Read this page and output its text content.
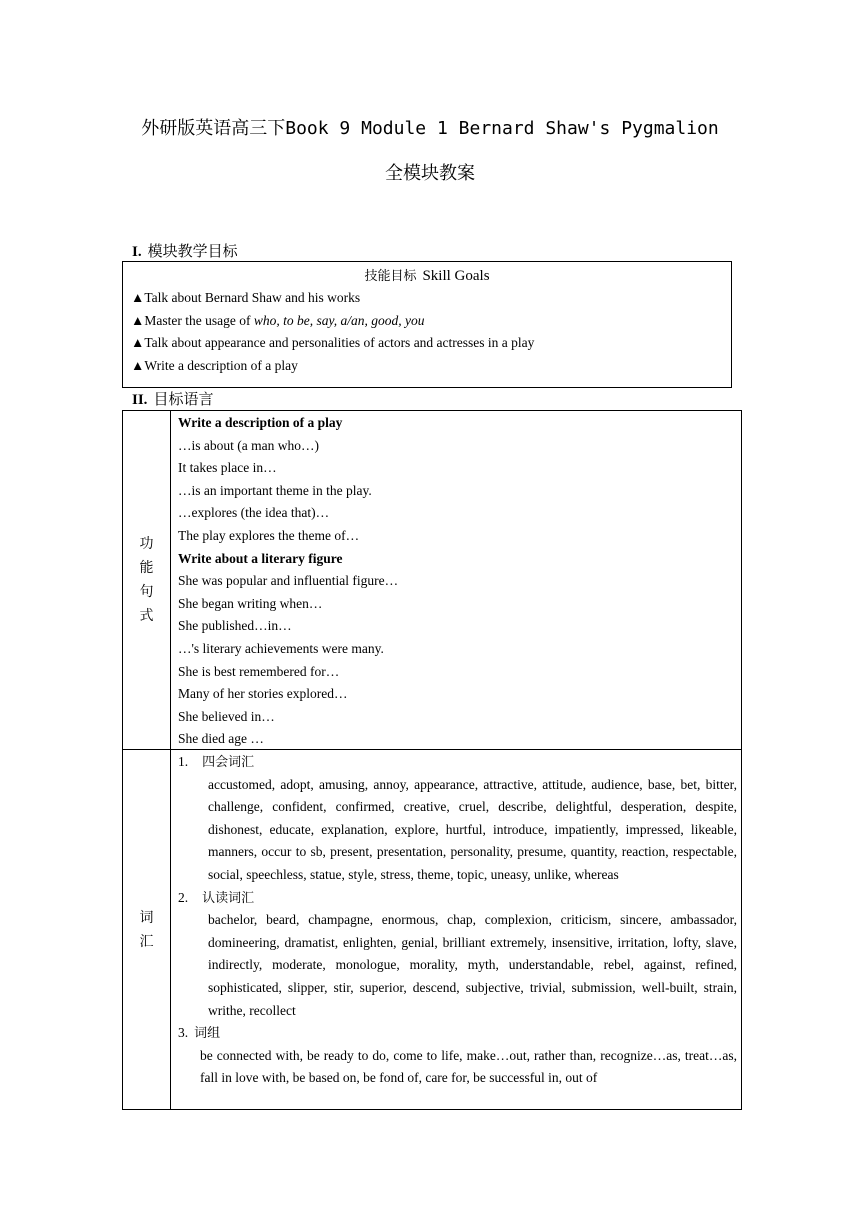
外研版英语高三下Book 9 Module 1 Bernard Shaw's Pygmalion
全模块教案
I. 模块教学目标
技能目标 Skill Goals
▲Talk about Bernard Shaw and his works
▲Master the usage of who, to be, say, a/an, good, you
▲Talk about appearance and personalities of actors and actresses in a play
▲Write a description of a play
II. 目标语言
功能句式
Write a description of a play
…is about (a man who…)
It takes place in…
…is an important theme in the play.
…explores (the idea that)…
The play explores the theme of…
Write about a literary figure
She was popular and influential figure…
She began writing when…
She published…in…
…'s literary achievements were many.
She is best remembered for…
Many of her stories explored…
She believed in…
She died age …
词汇
1. 四会词汇
accustomed, adopt, amusing, annoy, appearance, attractive, attitude, audience, base, bet, bitter, challenge, confident, confirmed, creative, cruel, describe, delightful, desperation, despite, dishonest, educate, explanation, explore, hurtful, introduce, impatiently, impressed, likeable, manners, occur to sb, present, presentation, personality, presume, quantity, reaction, respectable, social, speechless, statue, style, stress, theme, topic, uneasy, unlike, whereas
2. 认读词汇
bachelor, beard, champagne, enormous, chap, complexion, criticism, sincere, ambassador, domineering, dramatist, enlighten, genial, brilliant extremely, insensitive, irritation, lofty, slave, indirectly, moderate, monologue, morality, myth, understandable, rebel, against, refined, sophisticated, slipper, stir, superior, descend, subjective, trivial, submission, well-built, strain, writhe, recollect
3. 词组
be connected with, be ready to do, come to life, make…out, rather than, recognize…as, treat…as, fall in love with, be based on, be fond of, care for, be successful in, out of
